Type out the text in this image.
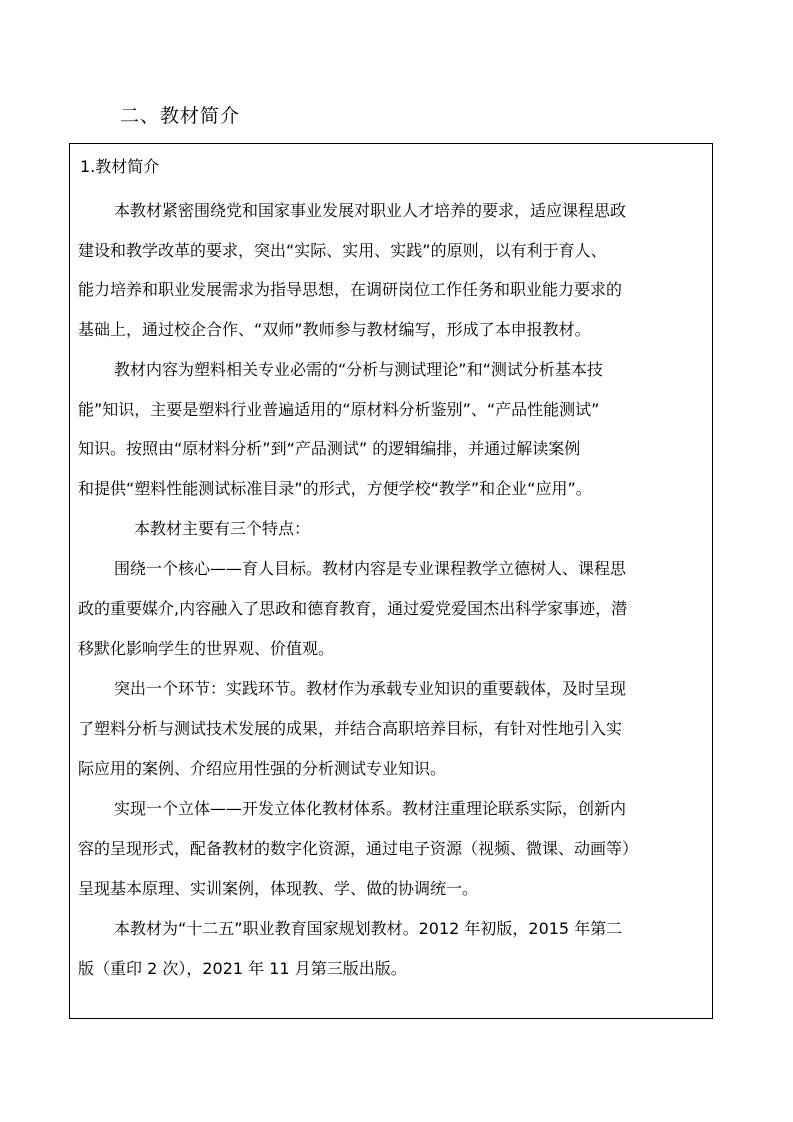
二、教材简介
1.教材简介
本教材紧密围绕党和国家事业发展对职业人才培养的要求，适应课程思政
建设和教学改革的要求，突出“实际、实用、实践”的原则，以有利于育人、
能力培养和职业发展需求为指导思想，在调研岗位工作任务和职业能力要求的
基础上，通过校企合作、“双师”教师参与教材编写，形成了本申报教材。
教材内容为塑料相关专业必需的“分析与测试理论”和“测试分析基本技
能”知识，主要是塑料行业普遍适用的“原材料分析鉴别”、“产品性能测试”
知识。按照由“原材料分析”到“产品测试” 的逻辑编排，并通过解读案例
和提供“塑料性能测试标准目录”的形式，方便学校“教学”和企业“应用”。
本教材主要有三个特点：
围绕一个核心——育人目标。教材内容是专业课程教学立德树人、课程思
政的重要媒介,内容融入了思政和德育教育，通过爱党爱国杰出科学家事迹，潜
移默化影响学生的世界观、价值观。
突出一个环节：实践环节。教材作为承载专业知识的重要载体，及时呈现
了塑料分析与测试技术发展的成果，并结合高职培养目标，有针对性地引入实
际应用的案例、介绍应用性强的分析测试专业知识。
实现一个立体——开发立体化教材体系。教材注重理论联系实际，创新内
容的呈现形式，配备教材的数字化资源，通过电子资源（视频、微课、动画等）
呈现基本原理、实训案例，体现教、学、做的协调统一。
本教材为“十二五”职业教育国家规划教材。2012 年初版，2015 年第二
版（重印 2 次），2021 年 11 月第三版出版。
